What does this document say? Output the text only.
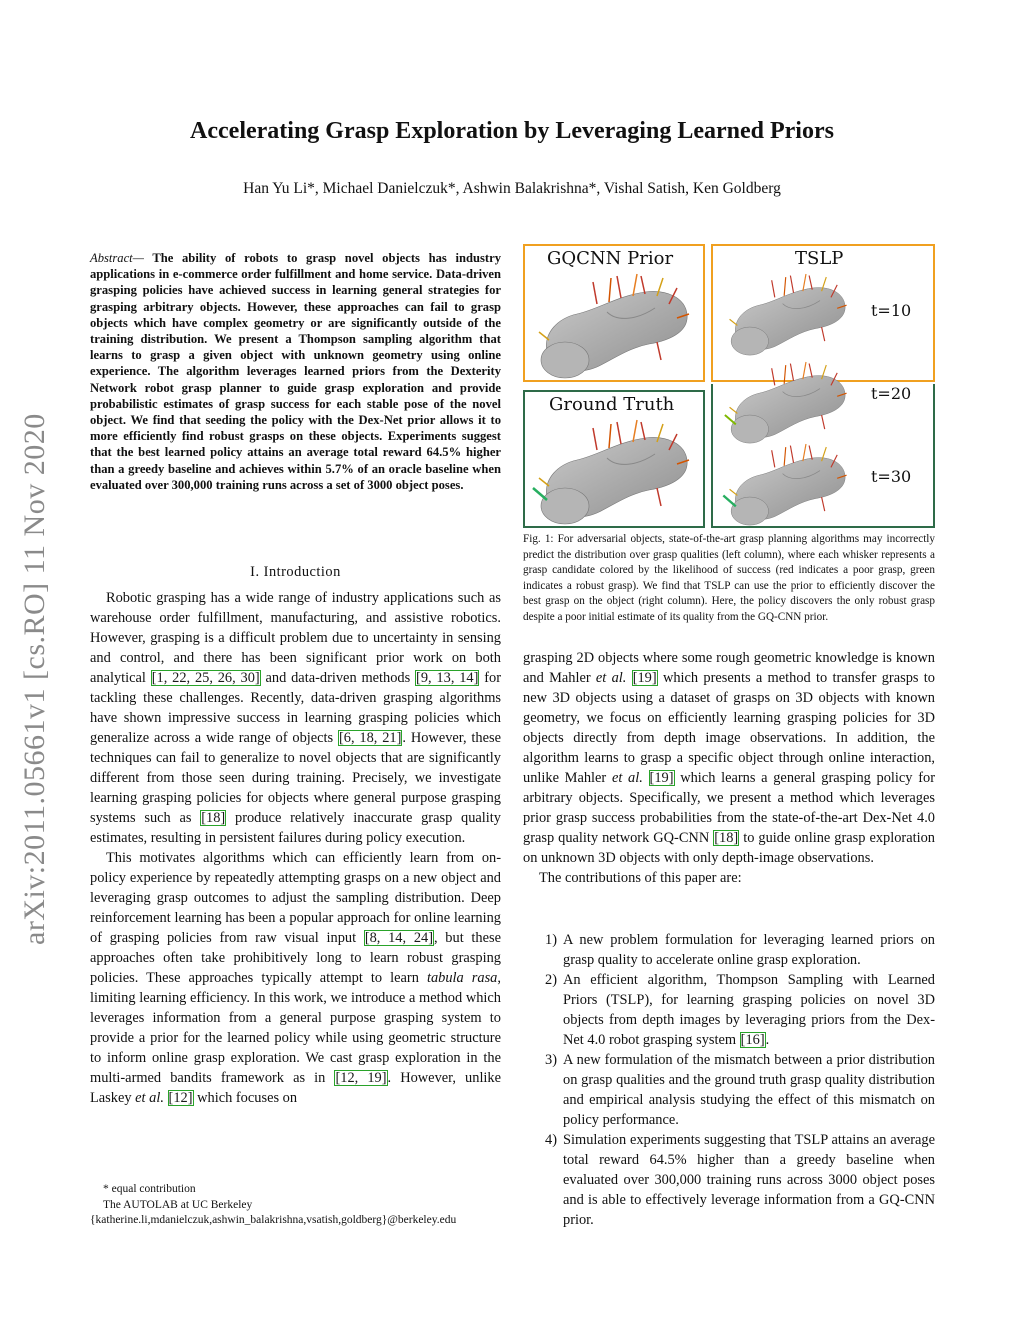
arXiv:2011.05661v1 [cs.RO] 11 Nov 2020
Accelerating Grasp Exploration by Leveraging Learned Priors
Han Yu Li*, Michael Danielczuk*, Ashwin Balakrishna*, Vishal Satish, Ken Goldberg
Abstract— The ability of robots to grasp novel objects has industry applications in e-commerce order fulfillment and home service. Data-driven grasping policies have achieved success in learning general strategies for grasping arbitrary objects. However, these approaches can fail to grasp objects which have complex geometry or are significantly outside of the training distribution. We present a Thompson sampling algorithm that learns to grasp a given object with unknown geometry using online experience. The algorithm leverages learned priors from the Dexterity Network robot grasp planner to guide grasp exploration and provide probabilistic estimates of grasp success for each stable pose of the novel object. We find that seeding the policy with the Dex-Net prior allows it to more efficiently find robust grasps on these objects. Experiments suggest that the best learned policy attains an average total reward 64.5% higher than a greedy baseline and achieves within 5.7% of an oracle baseline when evaluated over 300,000 training runs across a set of 3000 object poses.
I. Introduction

Robotic grasping has a wide range of industry applications such as warehouse order fulfillment, manufacturing, and assistive robotics. However, grasping is a difficult problem due to uncertainty in sensing and control, and there has been significant prior work on both analytical [1, 22, 25, 26, 30] and data-driven methods [9, 13, 14] for tackling these challenges. Recently, data-driven grasping algorithms have shown impressive success in learning grasping policies which generalize across a wide range of objects [6, 18, 21]. However, these techniques can fail to generalize to novel objects that are significantly different from those seen during training. Precisely, we investigate learning grasping policies for objects where general purpose grasping systems such as [18] produce relatively inaccurate grasp quality estimates, resulting in persistent failures during policy execution.

This motivates algorithms which can efficiently learn from on-policy experience by repeatedly attempting grasps on a new object and leveraging grasp outcomes to adjust the sampling distribution. Deep reinforcement learning has been a popular approach for online learning of grasping policies from raw visual input [8, 14, 24], but these approaches often take prohibitively long to learn robust grasping policies. These approaches typically attempt to learn tabula rasa, limiting learning efficiency. In this work, we introduce a method which leverages information from a general purpose grasping system to provide a prior for the learned policy while using geometric structure to inform online grasp exploration. We cast grasp exploration in the multi-armed bandits framework as in [12, 19]. However, unlike Laskey et al. [12] which focuses on

* equal contribution
The AUTOLAB at UC Berkeley
{katherine.li,mdanielczuk,ashwin_balakrishna,vsatish,goldberg}@berkeley.edu
GQCNN Prior
Ground Truth
TSLP
t=10
t=20
t=30
Fig. 1: For adversarial objects, state-of-the-art grasp planning algorithms may incorrectly predict the distribution over grasp qualities (left column), where each whisker represents a grasp candidate colored by the likelihood of success (red indicates a poor grasp, green indicates a robust grasp). We find that TSLP can use the prior to efficiently discover the best grasp on the object (right column). Here, the policy discovers the only robust grasp despite a poor initial estimate of its quality from the GQ-CNN prior.

grasping 2D objects where some rough geometric knowledge is known and Mahler et al. [19] which presents a method to transfer grasps to new 3D objects using a dataset of grasps on 3D objects with known geometry, we focus on efficiently learning grasping policies for 3D objects directly from depth image observations. In addition, the algorithm learns to grasp a specific object through online interaction, unlike Mahler et al. [19] which learns a general grasping policy for arbitrary objects. Specifically, we present a method which leverages prior grasp success probabilities from the state-of-the-art Dex-Net 4.0 grasp quality network GQ-CNN [18] to guide online grasp exploration on unknown 3D objects with only depth-image observations.

The contributions of this paper are:

1) A new problem formulation for leveraging learned priors on grasp quality to accelerate online grasp exploration.
2) An efficient algorithm, Thompson Sampling with Learned Priors (TSLP), for learning grasping policies on novel 3D objects from depth images by leveraging priors from the Dex-Net 4.0 robot grasping system [16].
3) A new formulation of the mismatch between a prior distribution on grasp qualities and the ground truth grasp quality distribution and empirical analysis studying the effect of this mismatch on policy performance.
4) Simulation experiments suggesting that TSLP attains an average total reward 64.5% higher than a greedy baseline when evaluated over 300,000 training runs across 3000 object poses and is able to effectively leverage information from a GQ-CNN prior.
